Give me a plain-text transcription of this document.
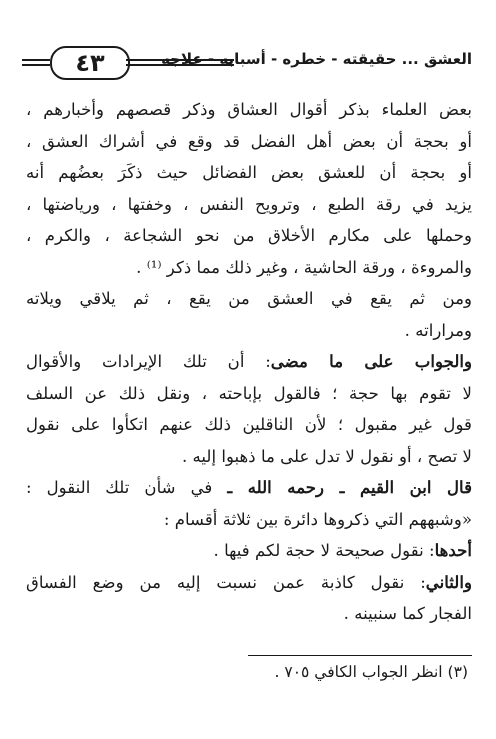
٤٣	العشق ... حقيقته - خطره - أسبابه - علاجه
بعض العلماء بذكر أقوال العشاق وذكر قصصهم وأخبارهم ،
أو بحجة أن بعض أهل الفضل قد وقع في أشراك العشق ،
أو بحجة أن للعشق بعض الفضائل حيث ذكَرَ بعضُهم أنه
يزيد في رقة الطبع ، وترويح النفس ، وخفتها ، ورياضتها ،
وحملها على مكارم الأخلاق من نحو الشجاعة ، والكرم ،
والمروءة ، ورقة الحاشية ، وغير ذلك مما ذكر ⁽¹⁾ .
ومن ثم يقع في العشق من يقع ، ثم يلاقي ويلاته
ومراراته .
والجواب على ما مضى: أن تلك الإيرادات والأقوال
لا تقوم بها حجة ؛ فالقول بإباحته ، ونقل ذلك عن السلف
قول غير مقبول ؛ لأن الناقلين ذلك عنهم اتكأوا على نقول
لا تصح ، أو نقول لا تدل على ما ذهبوا إليه .
قال ابن القيم ـ رحمه الله ـ في شأن تلك النقول :
«وشبههم التي ذكروها دائرة بين ثلاثة أقسام :
أحدها: نقول صحيحة لا حجة لكم فيها .
والثاني: نقول كاذبة عمن نسبت إليه من وضع الفساق
الفجار كما سنبينه .
(٣) انظر الجواب الكافي ٧٠٥ .
